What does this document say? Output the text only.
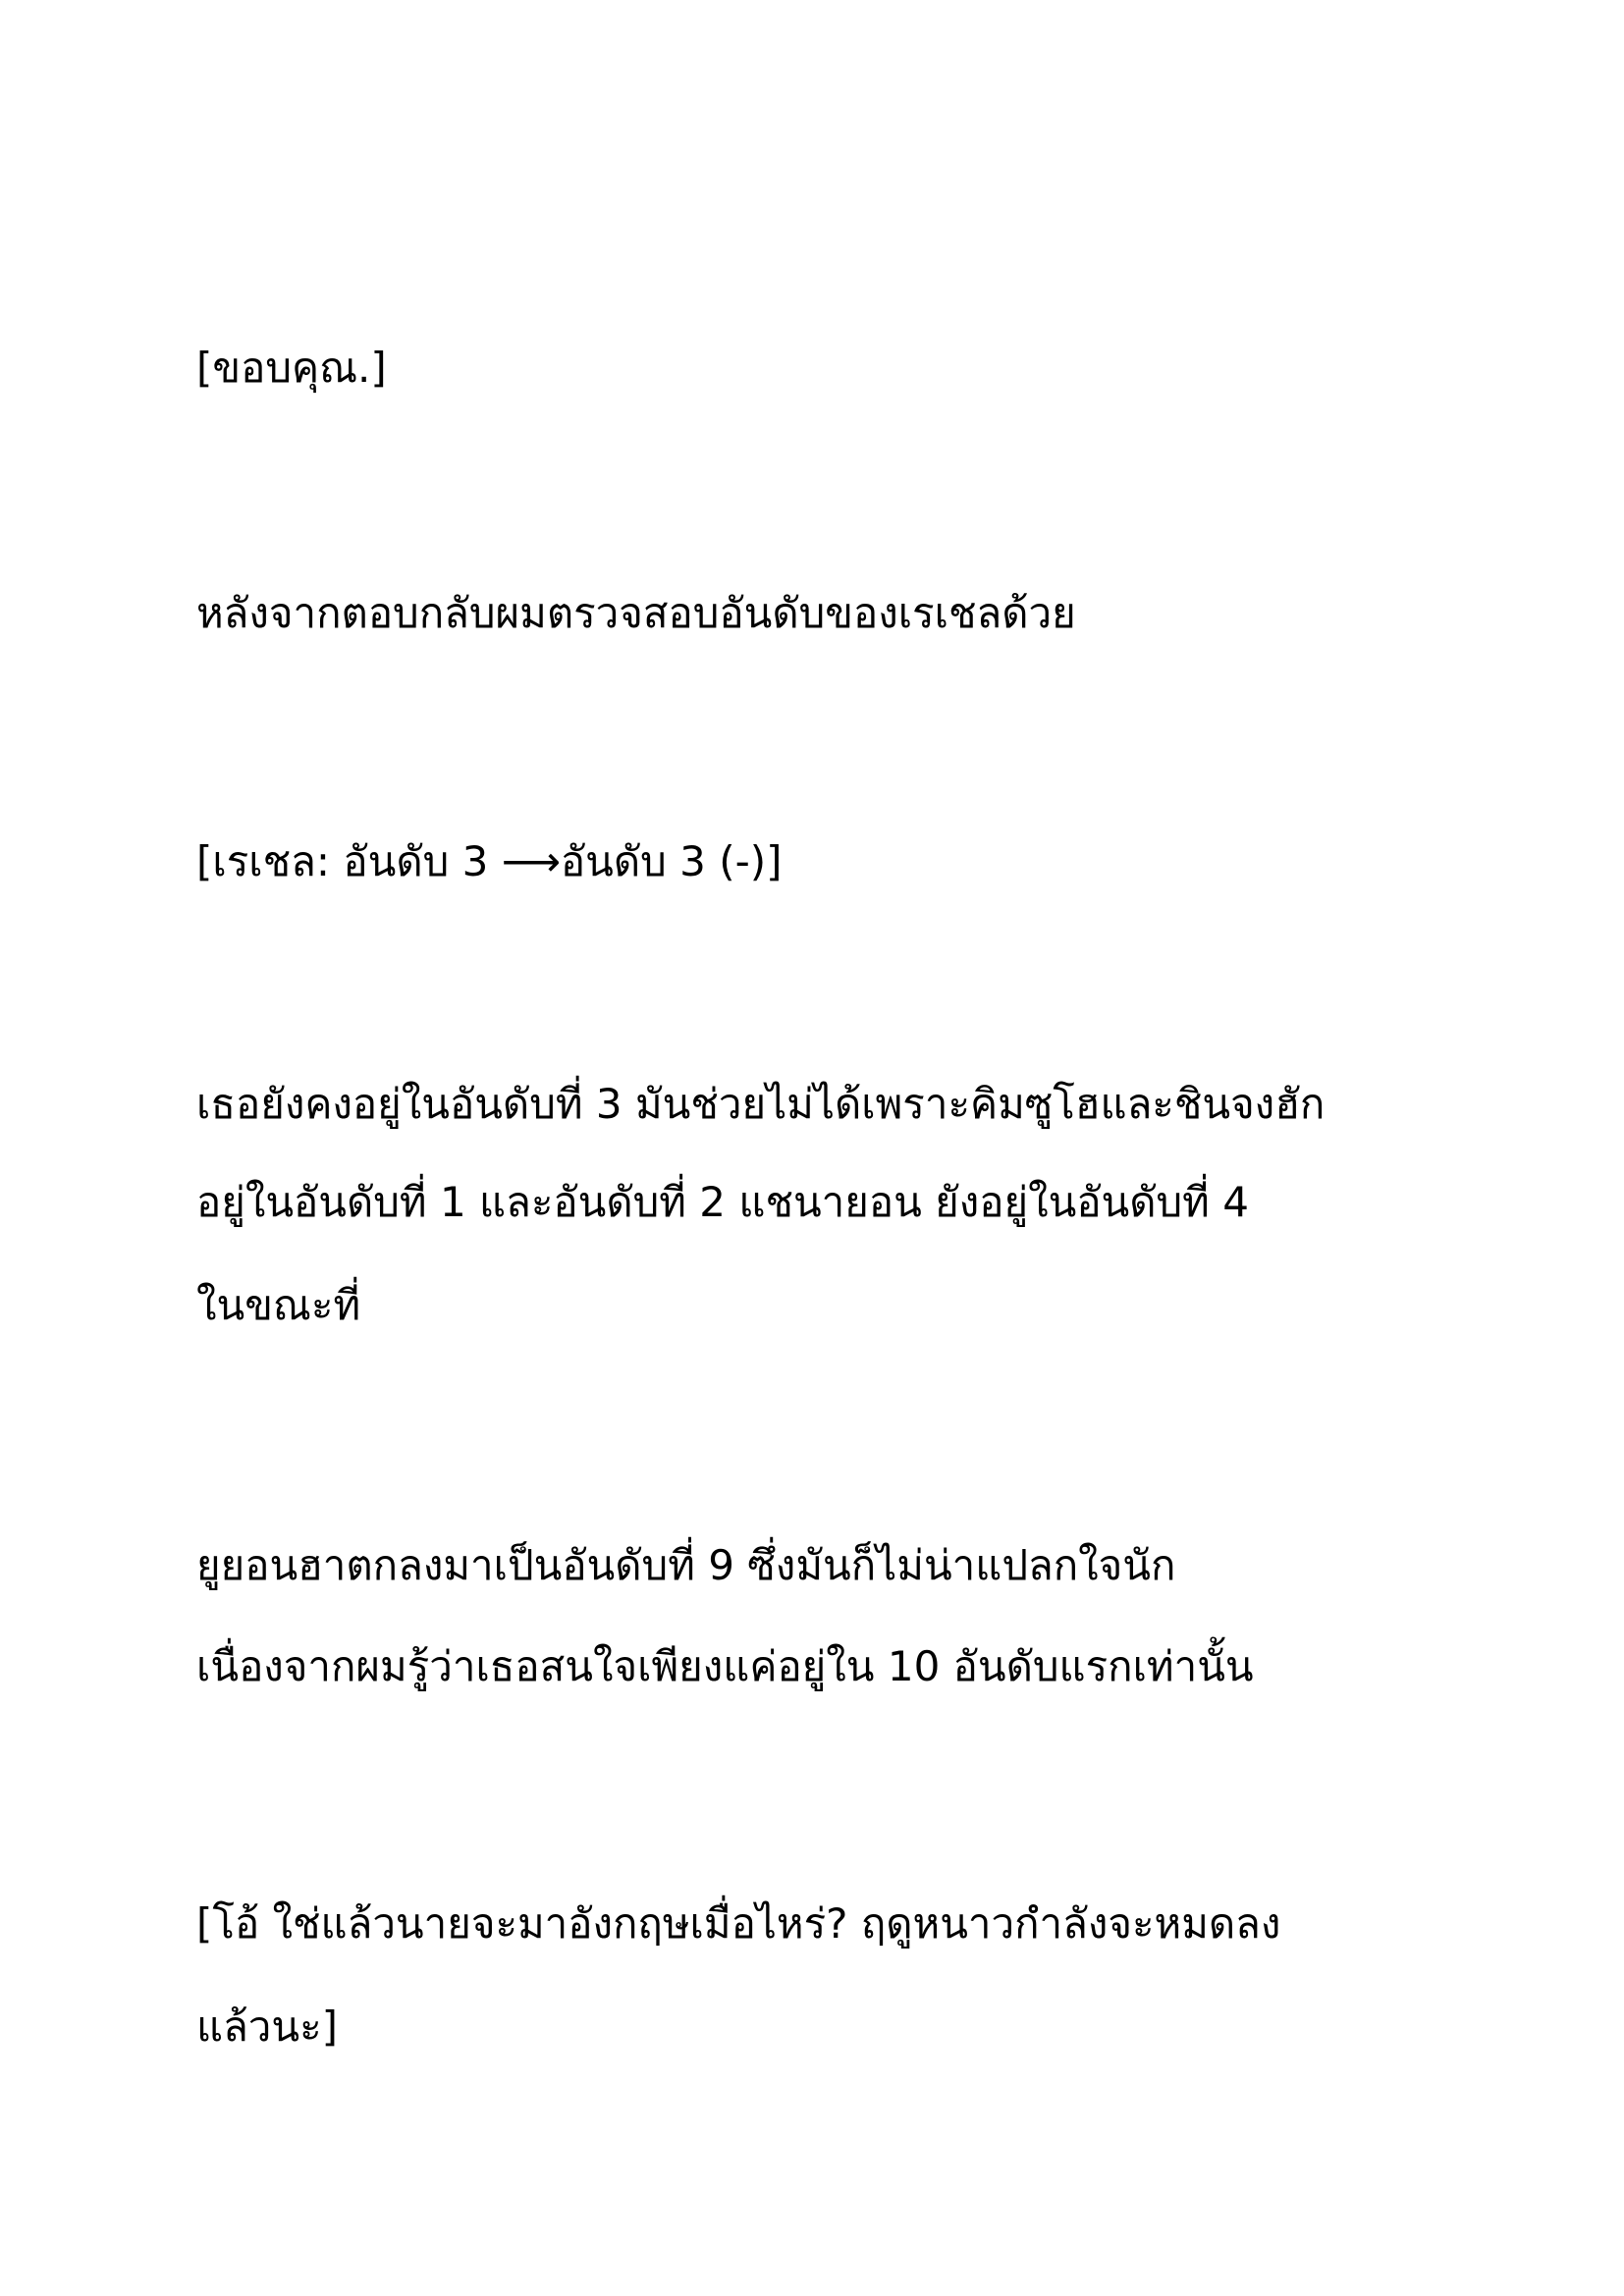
[ขอบคุณ.]

หลังจากตอบกลับผมตรวจสอบอันดับของเรเชลด้วย

[เรเชล: อันดับ 3 ⟶อันดับ 3 (-)]

เธอยังคงอยู่ในอันดับที่ 3 มันช่วยไม่ได้เพราะคิมซูโฮและชินจงฮัก

อยู่ในอันดับที่ 1 และอันดับที่ 2 แชนายอน ยังอยู่ในอันดับที่ 4

ในขณะที่

ยูยอนฮาตกลงมาเป็นอันดับที่ 9 ซึ่งมันก็ไม่น่าแปลกใจนัก

เนื่องจากผมรู้ว่าเธอสนใจเพียงแค่อยู่ใน 10 อันดับแรกเท่านั้น

[โอ้ ใช่แล้วนายจะมาอังกฤษเมื่อไหร่? ฤดูหนาวกำลังจะหมดลง

แล้วนะ]
